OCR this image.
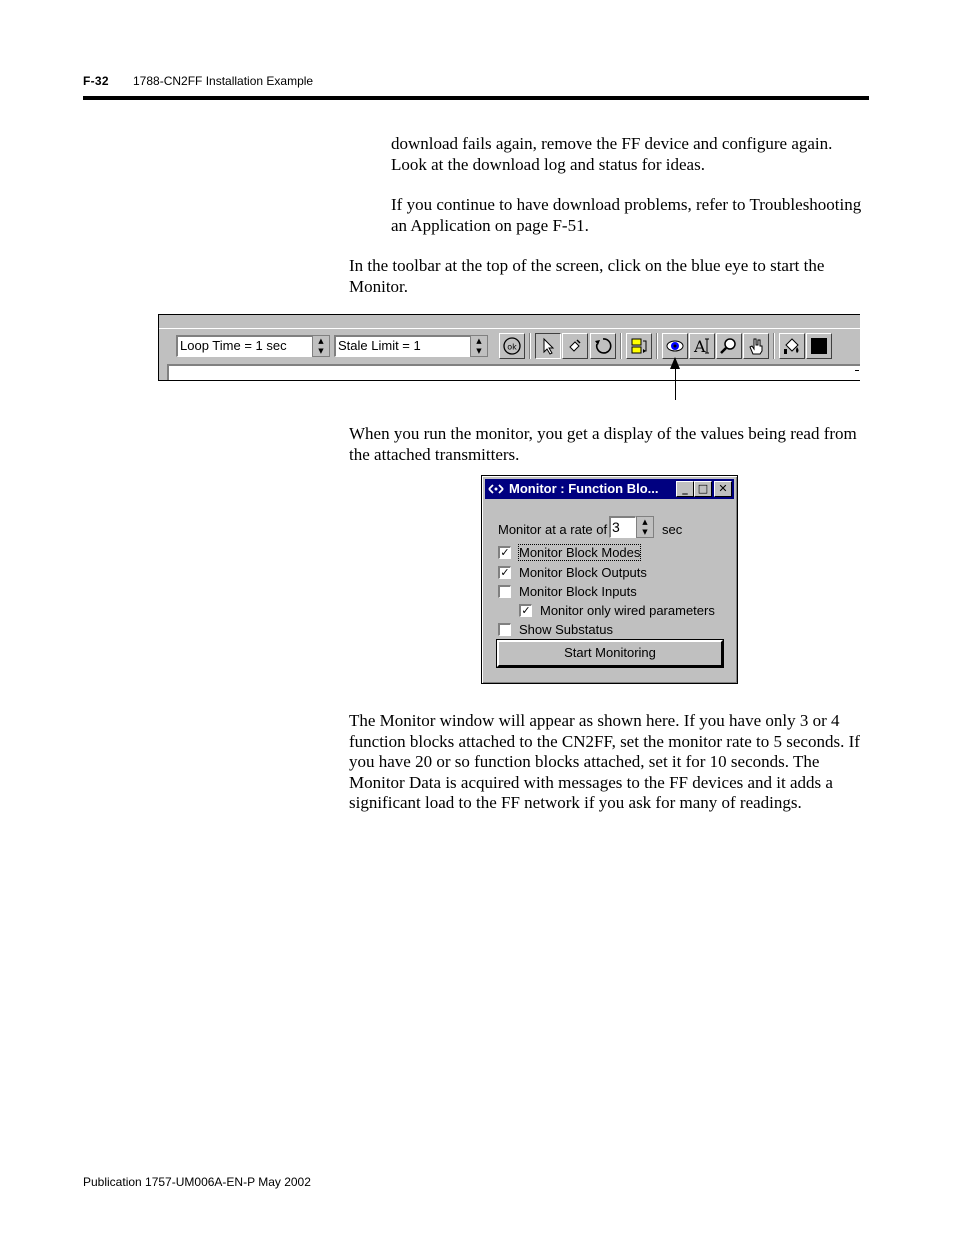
F-32 1788-CN2FF Installation Example
download fails again, remove the FF device and configure again. Look at the download log and status for ideas.
If you continue to have download problems, refer to Troubleshooting an Application on page F-51.
In the toolbar at the top of the screen, click on the blue eye to start the Monitor.
Loop Time = 1 sec	▲
▼	Stale Limit = 1	▲
▼	ok	A
When you run the monitor, you get a display of the values being read from the attached transmitters.
Monitor : Function Blo...	_ □ ✕
Monitor at a rate of 3	▲
▼	sec
✓ Monitor Block Modes
✓ Monitor Block Outputs
Monitor Block Inputs
✓ Monitor only wired parameters
Show Substatus
Start Monitoring
The Monitor window will appear as shown here. If you have only 3 or 4 function blocks attached to the CN2FF, set the monitor rate to 5 seconds. If you have 20 or so function blocks attached, set it for 10 seconds. The Monitor Data is acquired with messages to the FF devices and it adds a significant load to the FF network if you ask for many of readings.
Publication 1757-UM006A-EN-P May 2002
